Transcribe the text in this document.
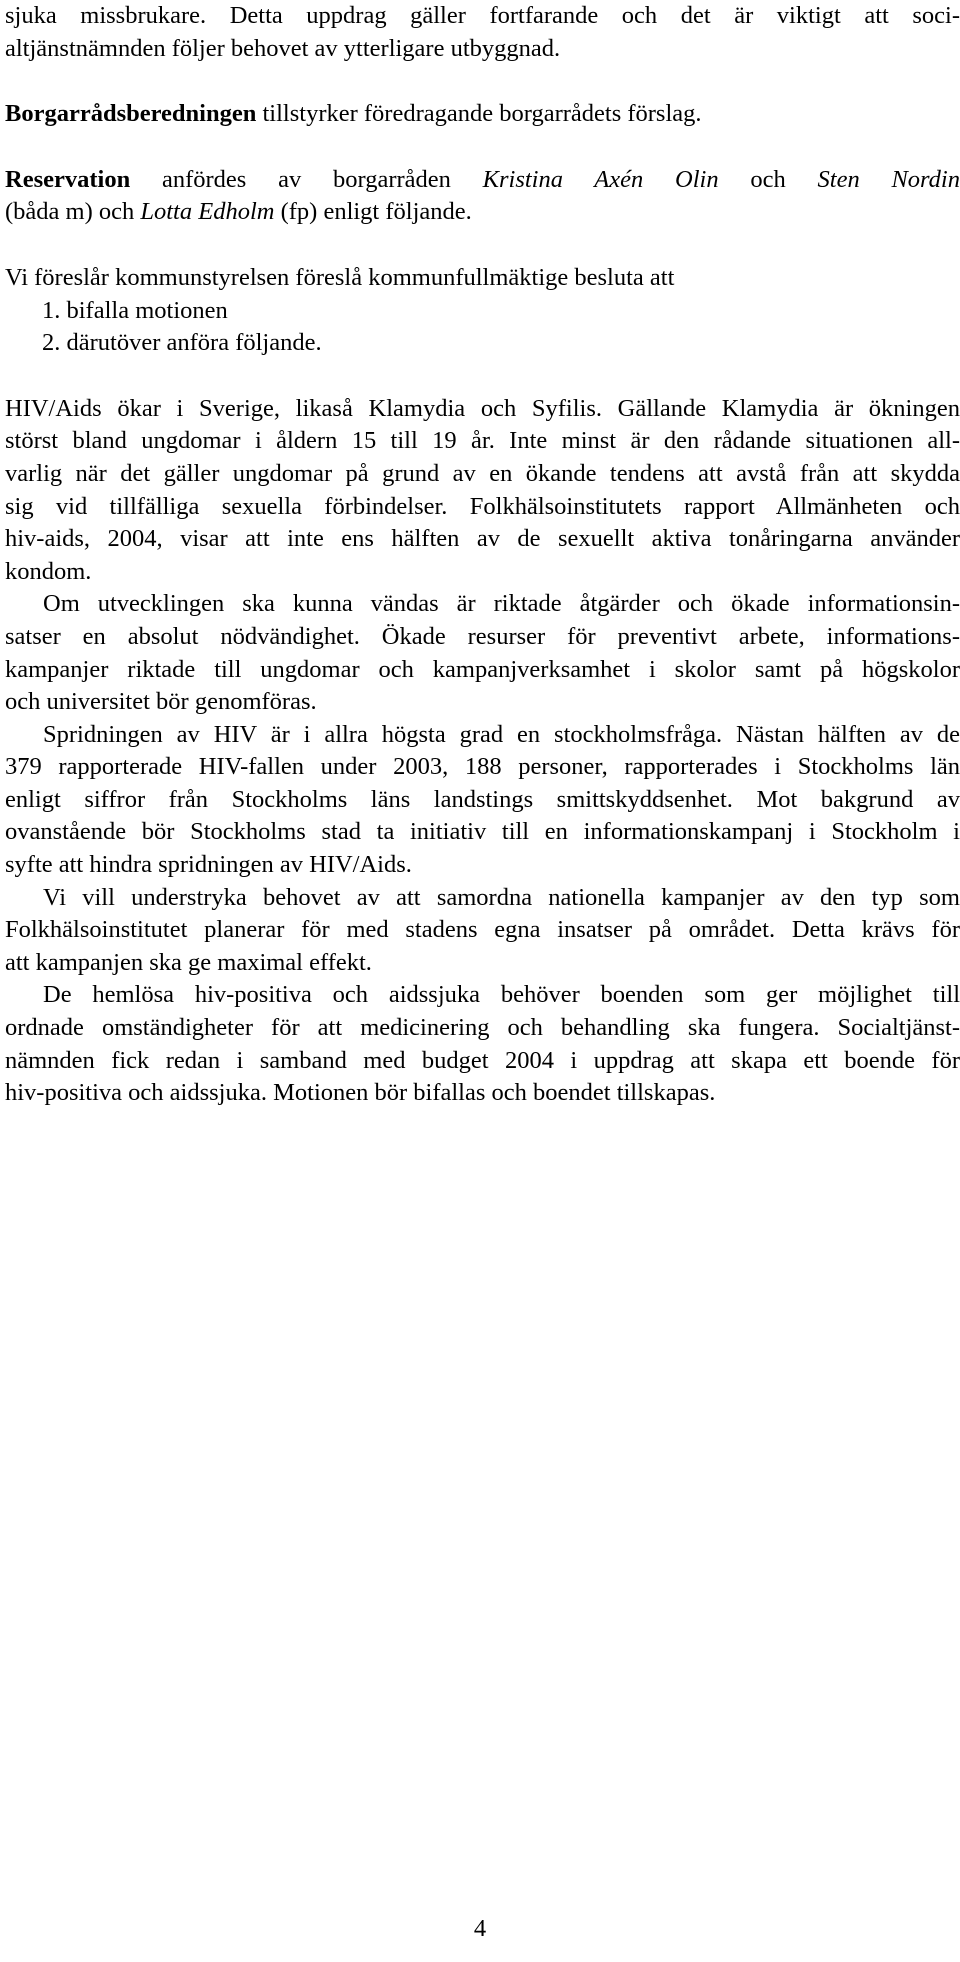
sjuka missbrukare. Detta uppdrag gäller fortfarande och det är viktigt att soci-
altjänstnämnden följer behovet av ytterligare utbyggnad.
Borgarrådsberedningen tillstyrker föredragande borgarrådets förslag.
Reservation anfördes av borgarråden Kristina Axén Olin och Sten Nordin
(båda m) och Lotta Edholm (fp) enligt följande.
Vi föreslår kommunstyrelsen föreslå kommunfullmäktige besluta att
1. bifalla motionen
2. därutöver anföra följande.
HIV/Aids ökar i Sverige, likaså Klamydia och Syfilis. Gällande Klamydia är ökningen
störst bland ungdomar i åldern 15 till 19 år. Inte minst är den rådande situationen all-
varlig när det gäller ungdomar på grund av en ökande tendens att avstå från att skydda
sig vid tillfälliga sexuella förbindelser. Folkhälsoinstitutets rapport Allmänheten och
hiv-aids, 2004, visar att inte ens hälften av de sexuellt aktiva tonåringarna använder
kondom.
Om utvecklingen ska kunna vändas är riktade åtgärder och ökade informationsin-
satser en absolut nödvändighet. Ökade resurser för preventivt arbete, informations-
kampanjer riktade till ungdomar och kampanjverksamhet i skolor samt på högskolor
och universitet bör genomföras.
Spridningen av HIV är i allra högsta grad en stockholmsfråga. Nästan hälften av de
379 rapporterade HIV-fallen under 2003, 188 personer, rapporterades i Stockholms län
enligt siffror från Stockholms läns landstings smittskyddsenhet. Mot bakgrund av
ovanstående bör Stockholms stad ta initiativ till en informationskampanj i Stockholm i
syfte att hindra spridningen av HIV/Aids.
Vi vill understryka behovet av att samordna nationella kampanjer av den typ som
Folkhälsoinstitutet planerar för med stadens egna insatser på området. Detta krävs för
att kampanjen ska ge maximal effekt.
De hemlösa hiv-positiva och aidssjuka behöver boenden som ger möjlighet till
ordnade omständigheter för att medicinering och behandling ska fungera. Socialtjänst-
nämnden fick redan i samband med budget 2004 i uppdrag att skapa ett boende för
hiv-positiva och aidssjuka. Motionen bör bifallas och boendet tillskapas.
4
